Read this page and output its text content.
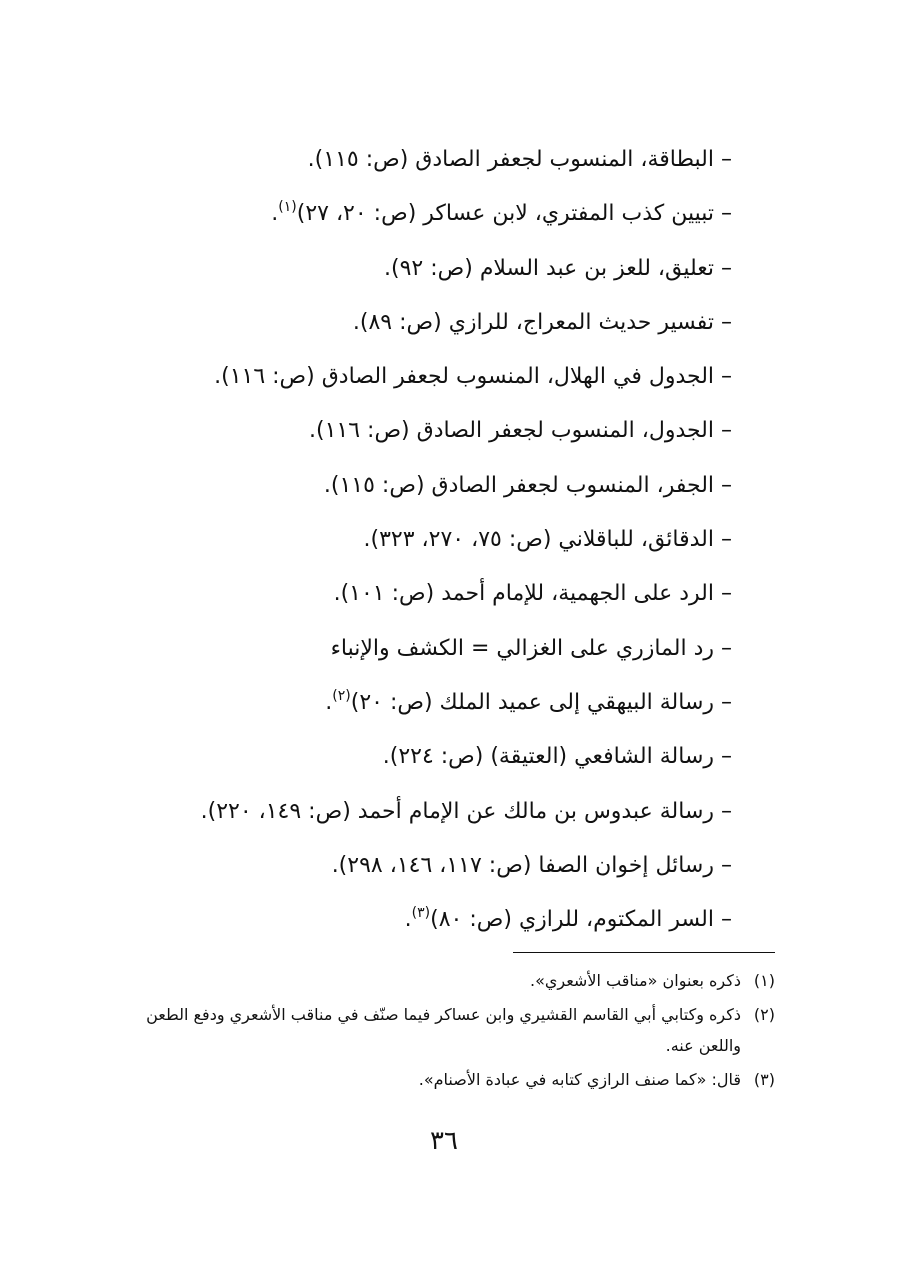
– البطاقة، المنسوب لجعفر الصادق (ص: ١١٥).
– تبيين كذب المفتري، لابن عساكر (ص: ٢٠، ٢٧)$^{(١)}$.
– تعليق، للعز بن عبد السلام (ص: ٩٢).
– تفسير حديث المعراج، للرازي (ص: ٨٩).
– الجدول في الهلال، المنسوب لجعفر الصادق (ص: ١١٦).
– الجدول، المنسوب لجعفر الصادق (ص: ١١٦).
– الجفر، المنسوب لجعفر الصادق (ص: ١١٥).
– الدقائق، للباقلاني (ص: ٧٥، ٢٧٠، ٣٢٣).
– الرد على الجهمية، للإمام أحمد (ص: ١٠١).
– رد المازري على الغزالي = الكشف والإنباء
– رسالة البيهقي إلى عميد الملك (ص: ٢٠)$^{(٢)}$.
– رسالة الشافعي (العتيقة) (ص: ٢٢٤).
– رسالة عبدوس بن مالك عن الإمام أحمد (ص: ١٤٩، ٢٢٠).
– رسائل إخوان الصفا (ص: ١١٧، ١٤٦، ٢٩٨).
– السر المكتوم، للرازي (ص: ٨٠)$^{(٣)}$.
(١)
ذكره بعنوان «مناقب الأشعري».
(٢)
ذكره وكتابي أبي القاسم القشيري وابن عساكر فيما صنّف في مناقب الأشعري ودفع الطعن واللعن عنه.
(٣)
قال: «كما صنف الرازي كتابه في عبادة الأصنام».
٣٦
